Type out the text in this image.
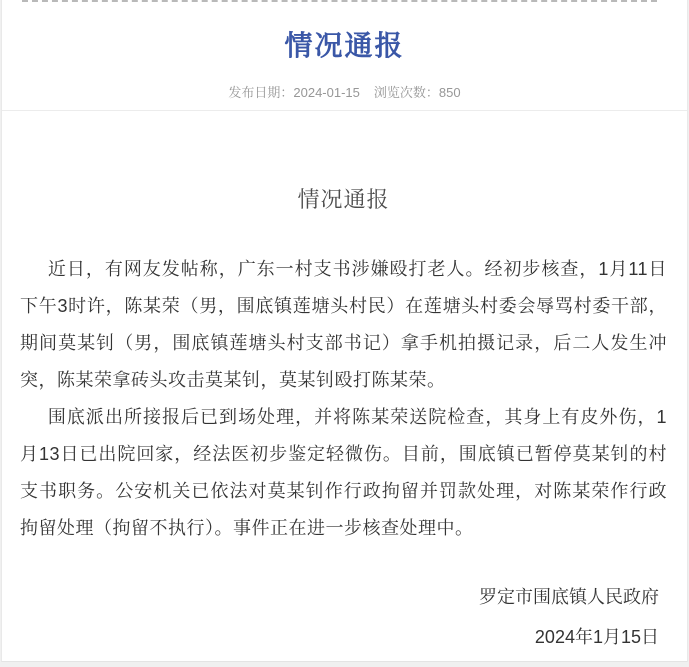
情况通报
发布日期：2024-01-15 浏览次数：850
情况通报

近日，有网友发帖称，广东一村支书涉嫌殴打老人。经初步核查，1月11日下午3时许，陈某荣（男，围底镇莲塘头村民）在莲塘头村委会辱骂村委干部，期间莫某钊（男，围底镇莲塘头村支部书记）拿手机拍摄记录，后二人发生冲突，陈某荣拿砖头攻击莫某钊，莫某钊殴打陈某荣。

围底派出所接报后已到场处理，并将陈某荣送院检查，其身上有皮外伤，1月13日已出院回家，经法医初步鉴定轻微伤。目前，围底镇已暂停莫某钊的村支书职务。公安机关已依法对莫某钊作行政拘留并罚款处理，对陈某荣作行政拘留处理（拘留不执行）。事件正在进一步核查处理中。

罗定市围底镇人民政府
2024年1月15日
